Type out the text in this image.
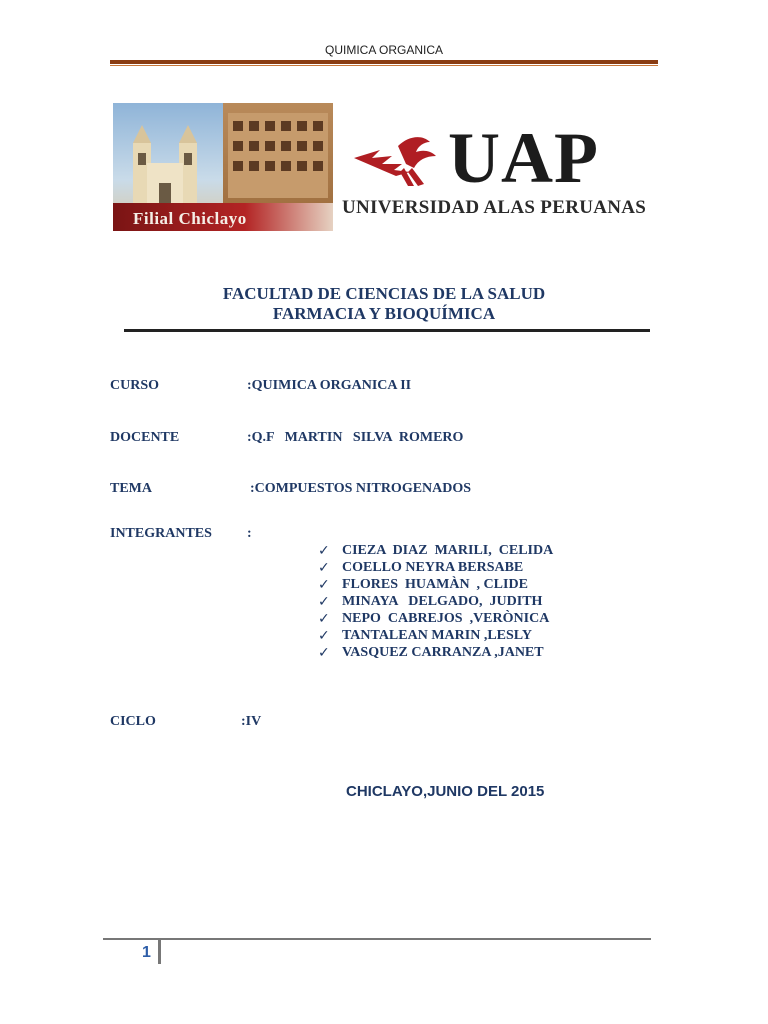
QUIMICA ORGANICA
Filial Chiclayo
UAP
UNIVERSIDAD ALAS PERUANAS
FACULTAD DE CIENCIAS DE LA SALUD
FARMACIA Y BIOQUÍMICA
CURSO	:QUIMICA ORGANICA II
DOCENTE	:Q.F   MARTIN   SILVA  ROMERO
TEMA	:COMPUESTOS NITROGENADOS
INTEGRANTES	:
✓ CIEZA  DIAZ  MARILI,  CELIDA
✓ COELLO NEYRA BERSABE
✓ FLORES  HUAMÀN  , CLIDE
✓ MINAYA   DELGADO,  JUDITH
✓ NEPO  CABREJOS  ,VERÒNICA
✓ TANTALEAN MARIN ,LESLY
✓ VASQUEZ CARRANZA ,JANET
CICLO	:IV
CHICLAYO,JUNIO DEL 2015
1
